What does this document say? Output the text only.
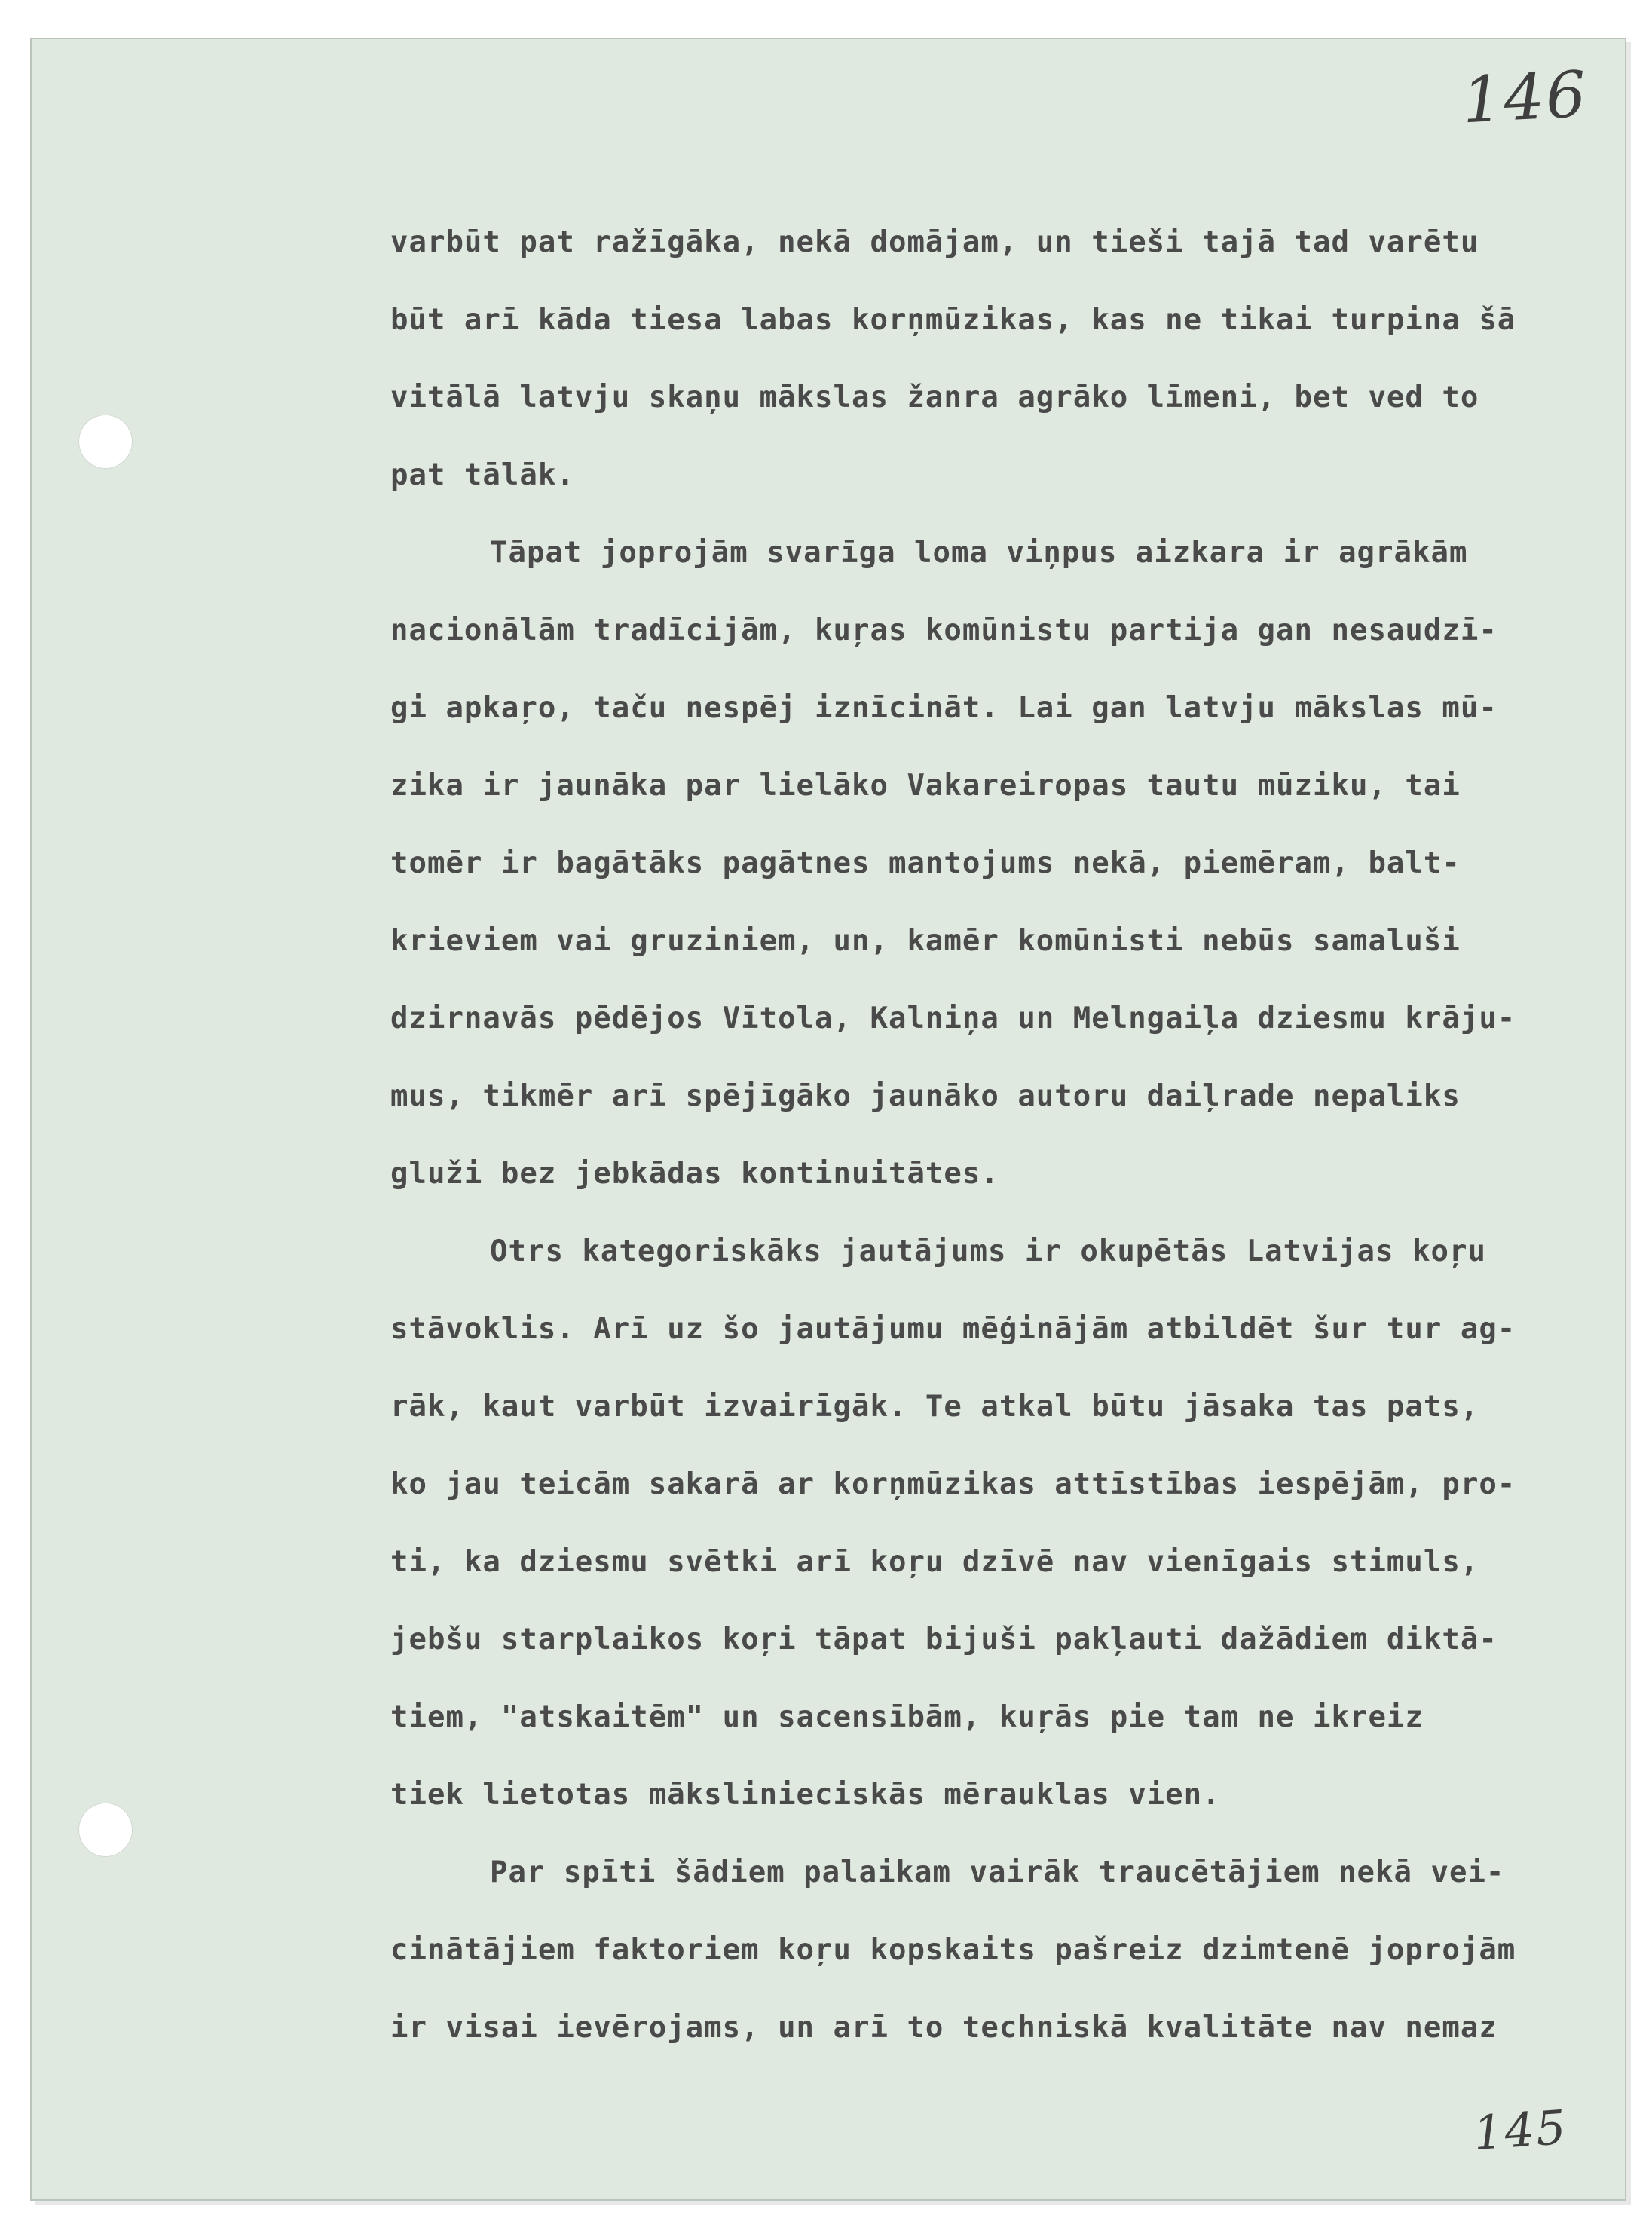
146
145
varbūt pat ražīgāka, nekā domājam, un tieši tajā tad varētu
būt arī kāda tiesa labas korņmūzikas, kas ne tikai turpina šā
vitālā latvju skaņu mākslas žanra agrāko līmeni, bet ved to
pat tālāk.
Tāpat joprojām svarīga loma viņpus aizkara ir agrākām
nacionālām tradīcijām, kuŗas komūnistu partija gan nesaudzī-
gi apkaŗo, taču nespēj iznīcināt. Lai gan latvju mākslas mū-
zika ir jaunāka par lielāko Vakareiropas tautu mūziku, tai
tomēr ir bagātāks pagātnes mantojums nekā, piemēram, balt-
krieviem vai gruziniem, un, kamēr komūnisti nebūs samaluši
dzirnavās pēdējos Vītola, Kalniņa un Melngaiļa dziesmu krāju-
mus, tikmēr arī spējīgāko jaunāko autoru daiļrade nepaliks
gluži bez jebkādas kontinuitātes.
Otrs kategoriskāks jautājums ir okupētās Latvijas koŗu
stāvoklis. Arī uz šo jautājumu mēģinājām atbildēt šur tur ag-
rāk, kaut varbūt izvairīgāk. Te atkal būtu jāsaka tas pats,
ko jau teicām sakarā ar korņmūzikas attīstības iespējām, pro-
ti, ka dziesmu svētki arī koŗu dzīvē nav vienīgais stimuls,
jebšu starplaikos koŗi tāpat bijuši pakļauti dažādiem diktā-
tiem, "atskaitēm" un sacensībām, kuŗās pie tam ne ikreiz
tiek lietotas mākslinieciskās mērauklas vien.
Par spīti šādiem palaikam vairāk traucētājiem nekā vei-
cinātājiem faktoriem koŗu kopskaits pašreiz dzimtenē joprojām
ir visai ievērojams, un arī to techniskā kvalitāte nav nemaz
